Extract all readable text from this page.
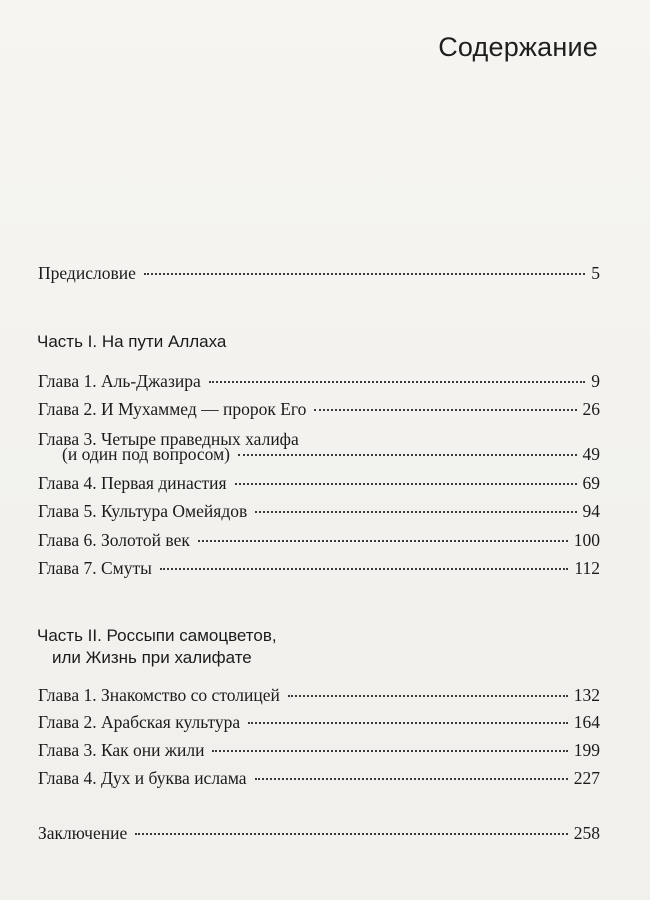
Содержание
Предисловие	5
Часть I. На пути Аллаха
Глава 1. Аль-Джазира	9
Глава 2. И Мухаммед — пророк Его	26
Глава 3. Четыре праведных халифа
(и один под вопросом)	49
Глава 4. Первая династия	69
Глава 5. Культура Омейядов	94
Глава 6. Золотой век	100
Глава 7. Смуты	112
Часть II. Россыпи самоцветов,
или Жизнь при халифате
Глава 1. Знакомство со столицей	132
Глава 2. Арабская культура	164
Глава 3. Как они жили	199
Глава 4. Дух и буква ислама	227
Заключение	258
